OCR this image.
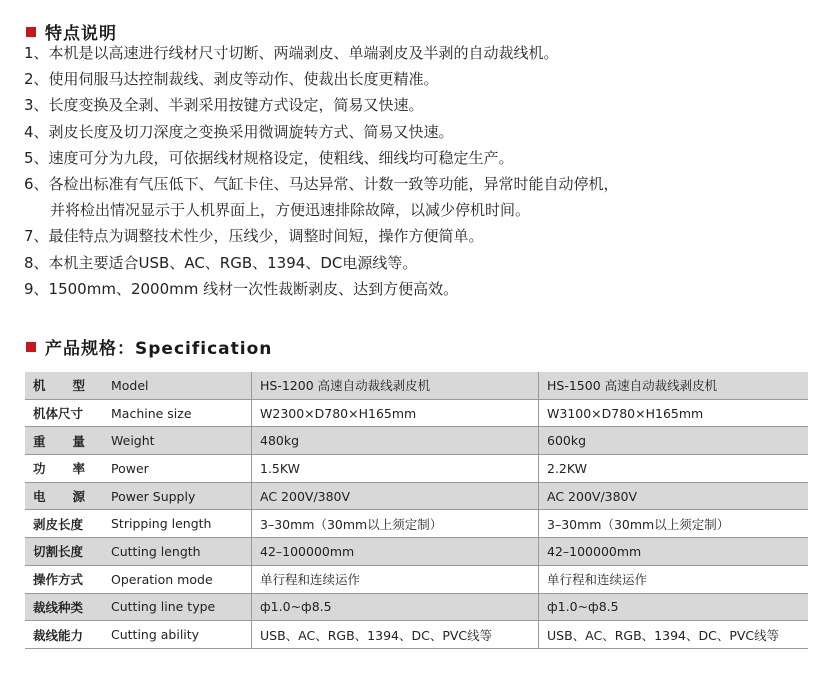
特点说明
1、本机是以高速进行线材尺寸切断、两端剥皮、单端剥皮及半剥的自动裁线机。
2、使用伺服马达控制裁线、剥皮等动作、使裁出长度更精准。
3、长度变换及全剥、半剥采用按键方式设定，简易又快速。
4、剥皮长度及切刀深度之变换采用微调旋转方式、简易又快速。
5、速度可分为九段，可依据线材规格设定，使粗线、细线均可稳定生产。
6、各检出标准有气压低下、气缸卡住、马达异常、计数一致等功能，异常时能自动停机，
并将检出情况显示于人机界面上，方便迅速排除故障，以减少停机时间。
7、最佳特点为调整技术性少，压线少，调整时间短，操作方便简单。
8、本机主要适合USB、AC、RGB、1394、DC电源线等。
9、1500mm、2000mm 线材一次性裁断剥皮、达到方便高效。
产品规格：Specification
机 型	Model	HS-1200 高速自动裁线剥皮机	HS-1500 高速自动裁线剥皮机
机体尺寸	Machine size	W2300×D780×H165mm	W3100×D780×H165mm

重 量	Weight	480kg	600kg

功 率	Power	1.5KW	2.2KW

电 源	Power Supply	AC 200V/380V	AC 200V/380V
剥皮长度	Stripping length	3–30mm（30mm以上须定制）	3–30mm（30mm以上须定制）
切割长度	Cutting length	42–100000mm	42–100000mm
操作方式	Operation mode	单行程和连续运作	单行程和连续运作
裁线种类	Cutting line type	ф1.0~ф8.5	ф1.0~ф8.5
裁线能力	Cutting ability	USB、AC、RGB、1394、DC、PVC线等	USB、AC、RGB、1394、DC、PVC线等
